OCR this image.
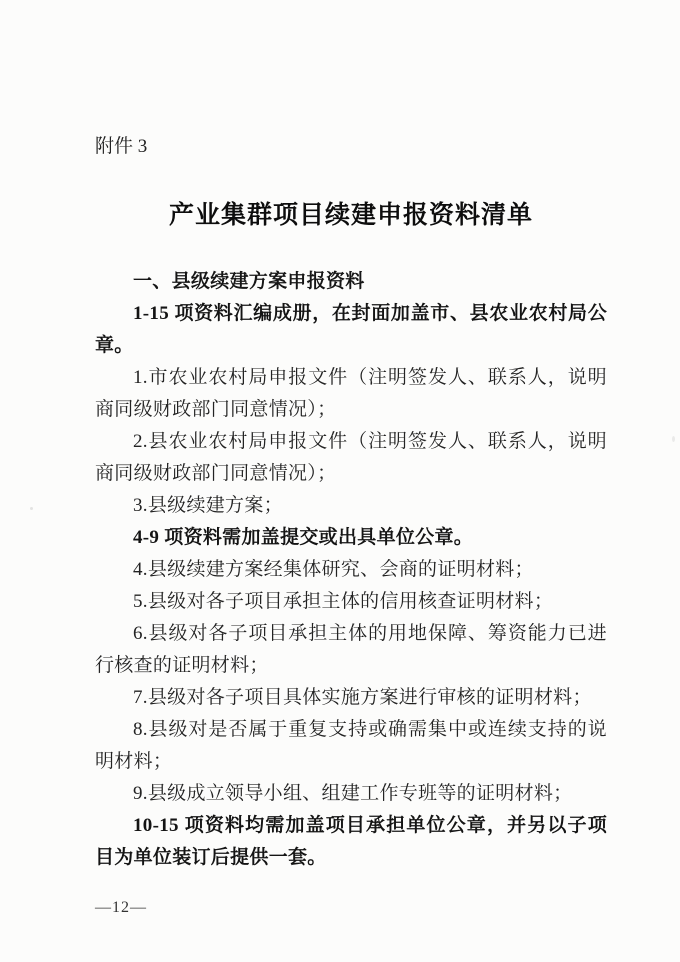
附件 3
产业集群项目续建申报资料清单

一、县级续建方案申报资料

1-15 项资料汇编成册，在封面加盖市、县农业农村局公章。

1.市农业农村局申报文件（注明签发人、联系人，说明商同级财政部门同意情况）；

2.县农业农村局申报文件（注明签发人、联系人，说明商同级财政部门同意情况）；

3.县级续建方案；

4-9 项资料需加盖提交或出具单位公章。

4.县级续建方案经集体研究、会商的证明材料；

5.县级对各子项目承担主体的信用核查证明材料；

6.县级对各子项目承担主体的用地保障、筹资能力已进行核查的证明材料；

7.县级对各子项目具体实施方案进行审核的证明材料；

8.县级对是否属于重复支持或确需集中或连续支持的说明材料；

9.县级成立领导小组、组建工作专班等的证明材料；

10-15 项资料均需加盖项目承担单位公章，并另以子项目为单位装订后提供一套。

—12—
